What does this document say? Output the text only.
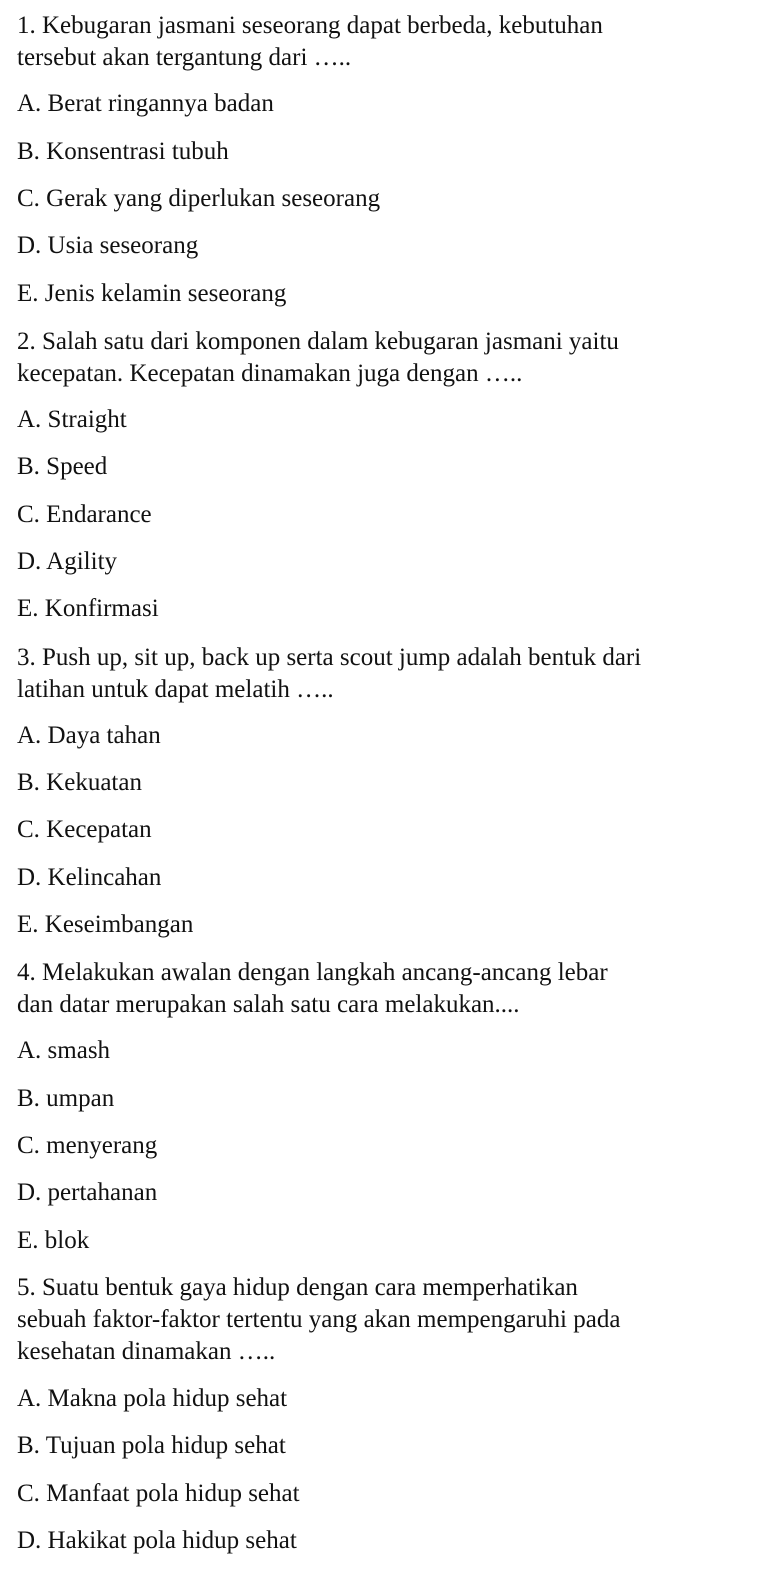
1. Kebugaran jasmani seseorang dapat berbeda, kebutuhan

tersebut akan tergantung dari …..

A. Berat ringannya badan

B. Konsentrasi tubuh

C. Gerak yang diperlukan seseorang

D. Usia seseorang

E. Jenis kelamin seseorang

2. Salah satu dari komponen dalam kebugaran jasmani yaitu

kecepatan. Kecepatan dinamakan juga dengan …..

A. Straight

B. Speed

C. Endarance

D. Agility

E. Konfirmasi

3. Push up, sit up, back up serta scout jump adalah bentuk dari

latihan untuk dapat melatih …..

A. Daya tahan

B. Kekuatan

C. Kecepatan

D. Kelincahan

E. Keseimbangan

4. Melakukan awalan dengan langkah ancang-ancang lebar

dan datar merupakan salah satu cara melakukan....

A. smash

B. umpan

C. menyerang

D. pertahanan

E. blok

5. Suatu bentuk gaya hidup dengan cara memperhatikan

sebuah faktor-faktor tertentu yang akan mempengaruhi pada

kesehatan dinamakan …..

A. Makna pola hidup sehat

B. Tujuan pola hidup sehat

C. Manfaat pola hidup sehat

D. Hakikat pola hidup sehat
